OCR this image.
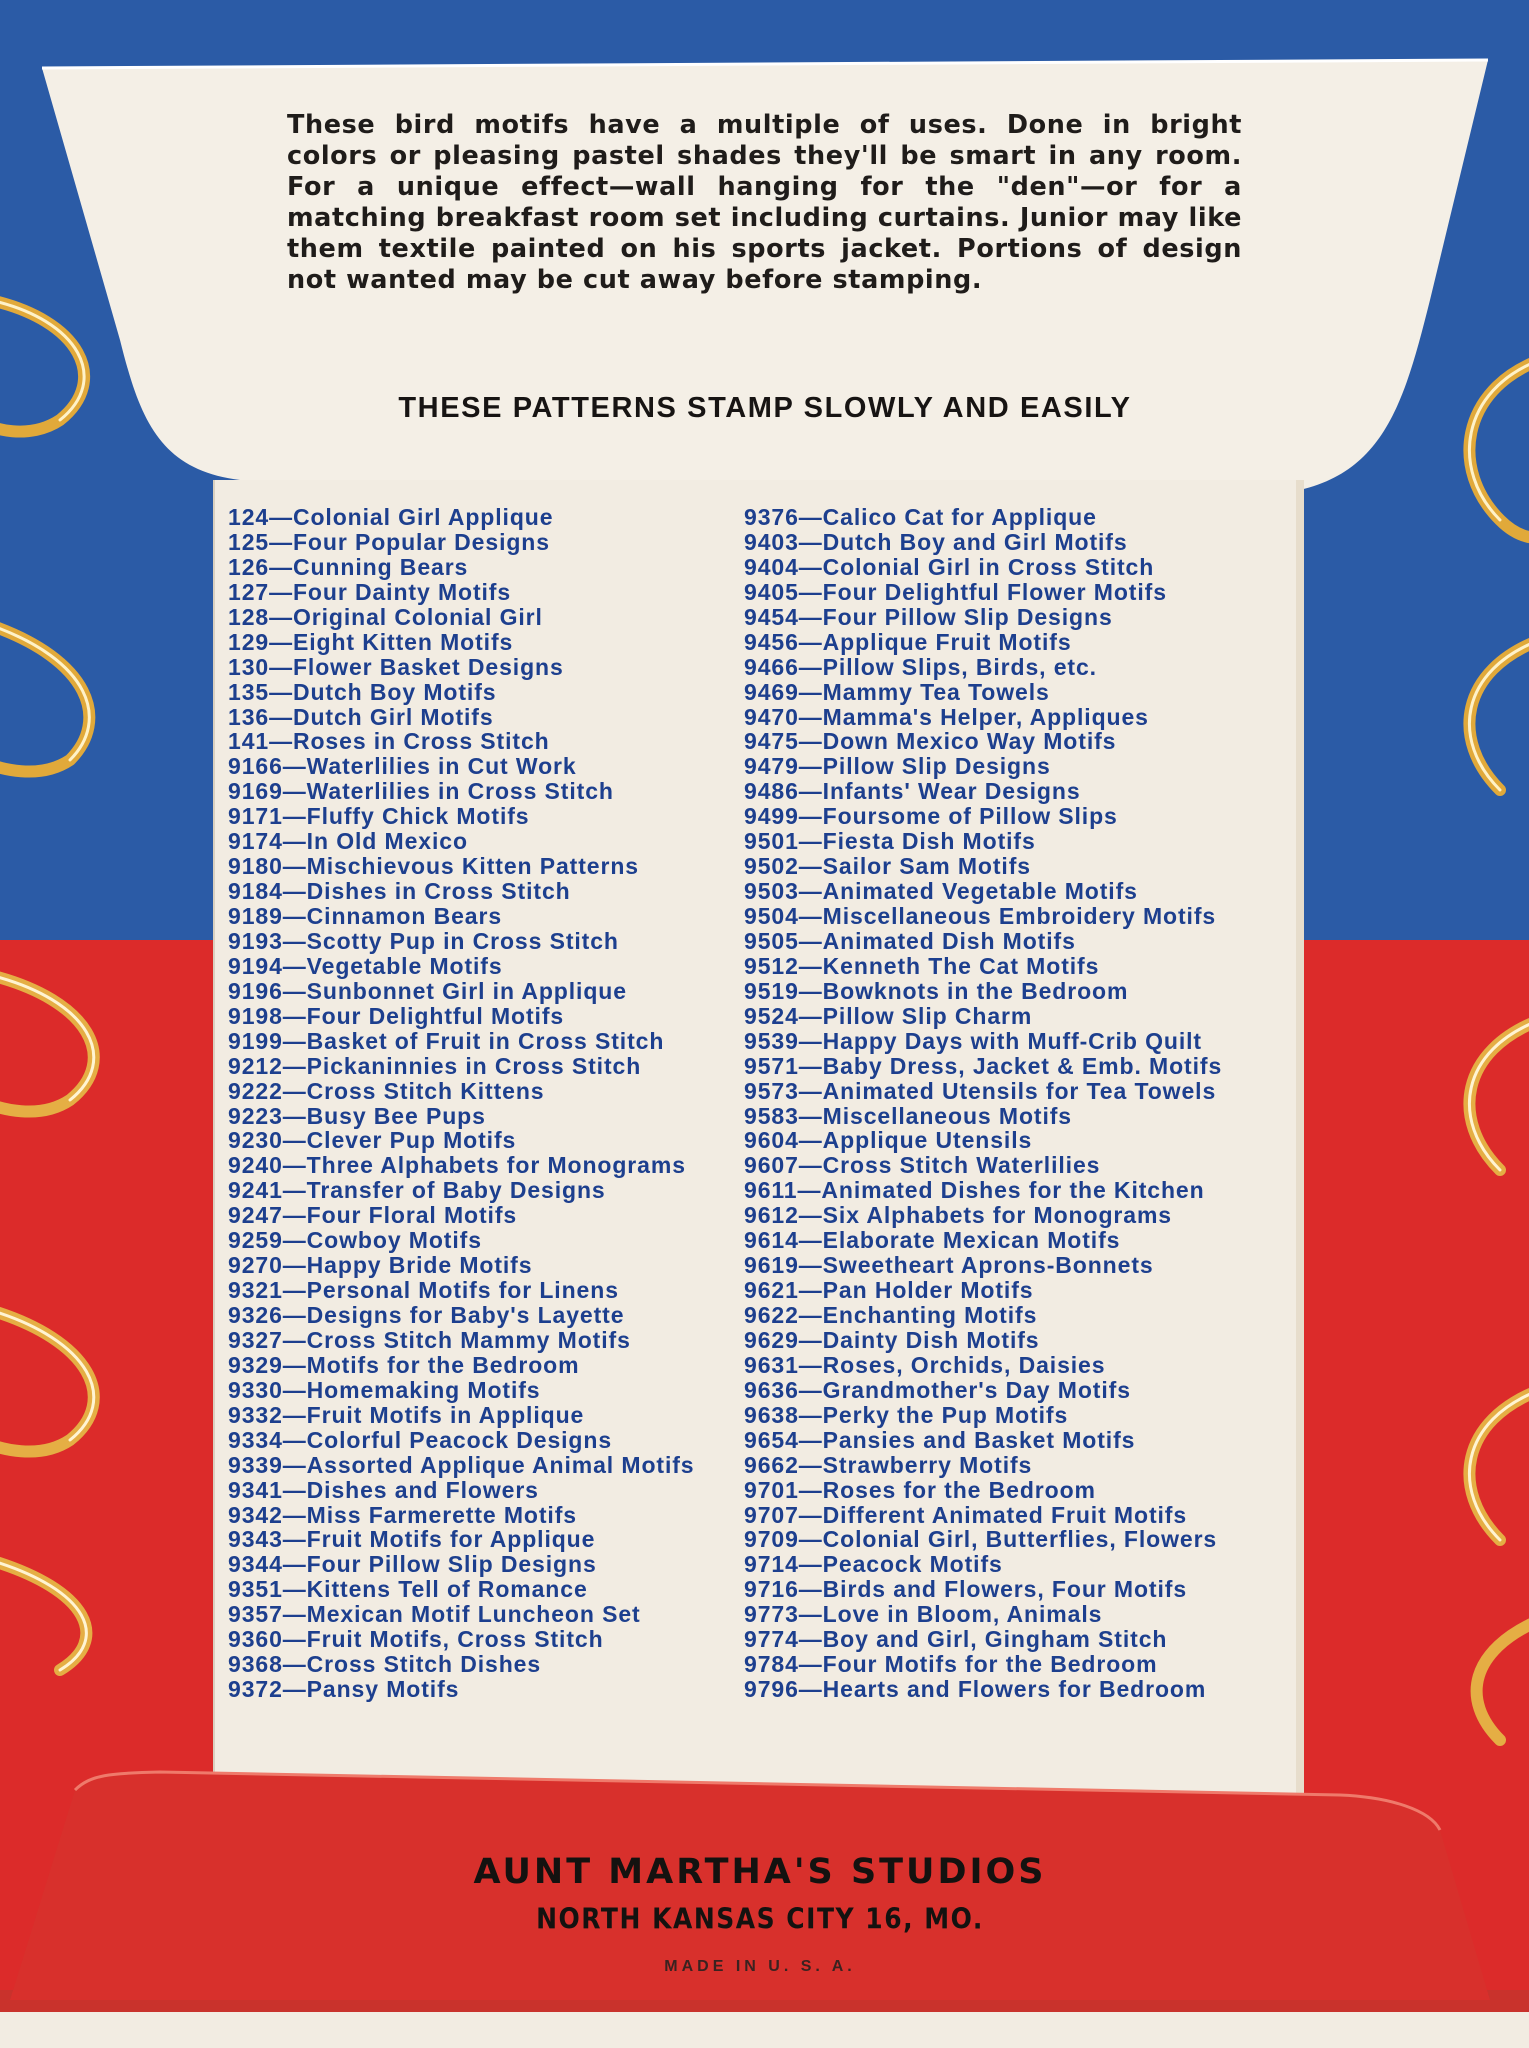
These bird motifs have a multiple of uses. Done in bright colors or pleasing pastel shades they'll be smart in any room. For a unique effect—wall hanging for the "den"—or for a matching breakfast room set including curtains. Junior may like them textile painted on his sports jacket. Portions of design not wanted may be cut away before stamping.
THESE PATTERNS STAMP SLOWLY AND EASILY
124—Colonial Girl Applique
125—Four Popular Designs
126—Cunning Bears
127—Four Dainty Motifs
128—Original Colonial Girl
129—Eight Kitten Motifs
130—Flower Basket Designs
135—Dutch Boy Motifs
136—Dutch Girl Motifs
141—Roses in Cross Stitch
9166—Waterlilies in Cut Work
9169—Waterlilies in Cross Stitch
9171—Fluffy Chick Motifs
9174—In Old Mexico
9180—Mischievous Kitten Patterns
9184—Dishes in Cross Stitch
9189—Cinnamon Bears
9193—Scotty Pup in Cross Stitch
9194—Vegetable Motifs
9196—Sunbonnet Girl in Applique
9198—Four Delightful Motifs
9199—Basket of Fruit in Cross Stitch
9212—Pickaninnies in Cross Stitch
9222—Cross Stitch Kittens
9223—Busy Bee Pups
9230—Clever Pup Motifs
9240—Three Alphabets for Monograms
9241—Transfer of Baby Designs
9247—Four Floral Motifs
9259—Cowboy Motifs
9270—Happy Bride Motifs
9321—Personal Motifs for Linens
9326—Designs for Baby's Layette
9327—Cross Stitch Mammy Motifs
9329—Motifs for the Bedroom
9330—Homemaking Motifs
9332—Fruit Motifs in Applique
9334—Colorful Peacock Designs
9339—Assorted Applique Animal Motifs
9341—Dishes and Flowers
9342—Miss Farmerette Motifs
9343—Fruit Motifs for Applique
9344—Four Pillow Slip Designs
9351—Kittens Tell of Romance
9357—Mexican Motif Luncheon Set
9360—Fruit Motifs, Cross Stitch
9368—Cross Stitch Dishes
9372—Pansy Motifs
9376—Calico Cat for Applique
9403—Dutch Boy and Girl Motifs
9404—Colonial Girl in Cross Stitch
9405—Four Delightful Flower Motifs
9454—Four Pillow Slip Designs
9456—Applique Fruit Motifs
9466—Pillow Slips, Birds, etc.
9469—Mammy Tea Towels
9470—Mamma's Helper, Appliques
9475—Down Mexico Way Motifs
9479—Pillow Slip Designs
9486—Infants' Wear Designs
9499—Foursome of Pillow Slips
9501—Fiesta Dish Motifs
9502—Sailor Sam Motifs
9503—Animated Vegetable Motifs
9504—Miscellaneous Embroidery Motifs
9505—Animated Dish Motifs
9512—Kenneth The Cat Motifs
9519—Bowknots in the Bedroom
9524—Pillow Slip Charm
9539—Happy Days with Muff-Crib Quilt
9571—Baby Dress, Jacket & Emb. Motifs
9573—Animated Utensils for Tea Towels
9583—Miscellaneous Motifs
9604—Applique Utensils
9607—Cross Stitch Waterlilies
9611—Animated Dishes for the Kitchen
9612—Six Alphabets for Monograms
9614—Elaborate Mexican Motifs
9619—Sweetheart Aprons-Bonnets
9621—Pan Holder Motifs
9622—Enchanting Motifs
9629—Dainty Dish Motifs
9631—Roses, Orchids, Daisies
9636—Grandmother's Day Motifs
9638—Perky the Pup Motifs
9654—Pansies and Basket Motifs
9662—Strawberry Motifs
9701—Roses for the Bedroom
9707—Different Animated Fruit Motifs
9709—Colonial Girl, Butterflies, Flowers
9714—Peacock Motifs
9716—Birds and Flowers, Four Motifs
9773—Love in Bloom, Animals
9774—Boy and Girl, Gingham Stitch
9784—Four Motifs for the Bedroom
9796—Hearts and Flowers for Bedroom
AUNT MARTHA'S STUDIOS
NORTH KANSAS CITY 16, MO.
MADE IN U. S. A.
